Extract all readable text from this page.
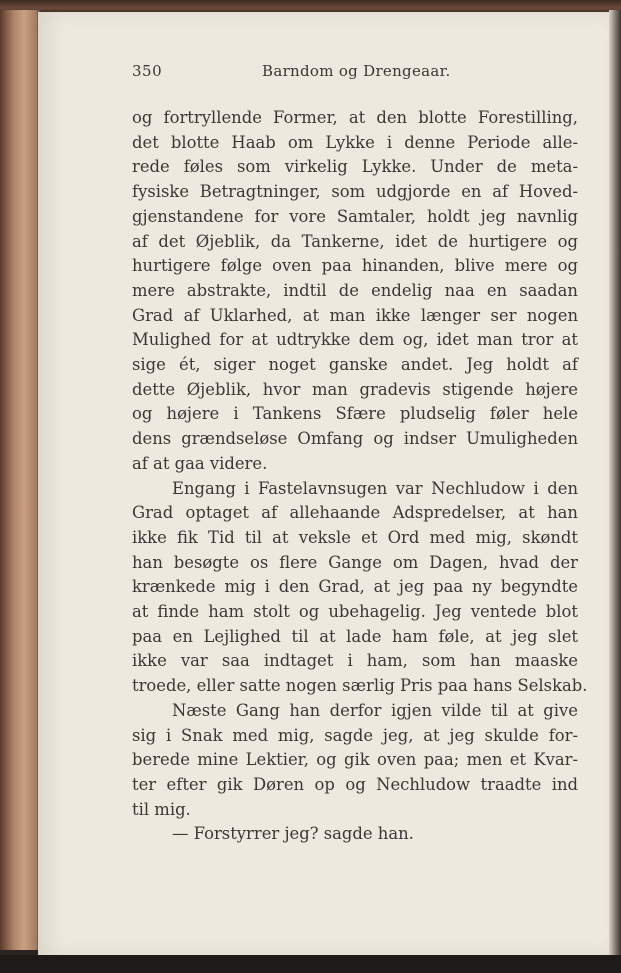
350	Barndom og Drengeaar.
og fortryllende Former, at den blotte Forestilling,
det blotte Haab om Lykke i denne Periode alle-
rede føles som virkelig Lykke. Under de meta-
fysiske Betragtninger, som udgjorde en af Hoved-
gjenstandene for vore Samtaler, holdt jeg navnlig
af det Øjeblik, da Tankerne, idet de hurtigere og
hurtigere følge oven paa hinanden, blive mere og
mere abstrakte, indtil de endelig naa en saadan
Grad af Uklarhed, at man ikke længer ser nogen
Mulighed for at udtrykke dem og, idet man tror at
sige ét, siger noget ganske andet. Jeg holdt af
dette Øjeblik, hvor man gradevis stigende højere
og højere i Tankens Sfære pludselig føler hele
dens grændseløse Omfang og indser Umuligheden
af at gaa videre.
Engang i Fastelavnsugen var Nechludow i den
Grad optaget af allehaande Adspredelser, at han
ikke fik Tid til at veksle et Ord med mig, skøndt
han besøgte os flere Gange om Dagen, hvad der
krænkede mig i den Grad, at jeg paa ny begyndte
at finde ham stolt og ubehagelig. Jeg ventede blot
paa en Lejlighed til at lade ham føle, at jeg slet
ikke var saa indtaget i ham, som han maaske
troede, eller satte nogen særlig Pris paa hans Selskab.
Næste Gang han derfor igjen vilde til at give
sig i Snak med mig, sagde jeg, at jeg skulde for-
berede mine Lektier, og gik oven paa; men et Kvar-
ter efter gik Døren op og Nechludow traadte ind
til mig.
— Forstyrrer jeg? sagde han.
